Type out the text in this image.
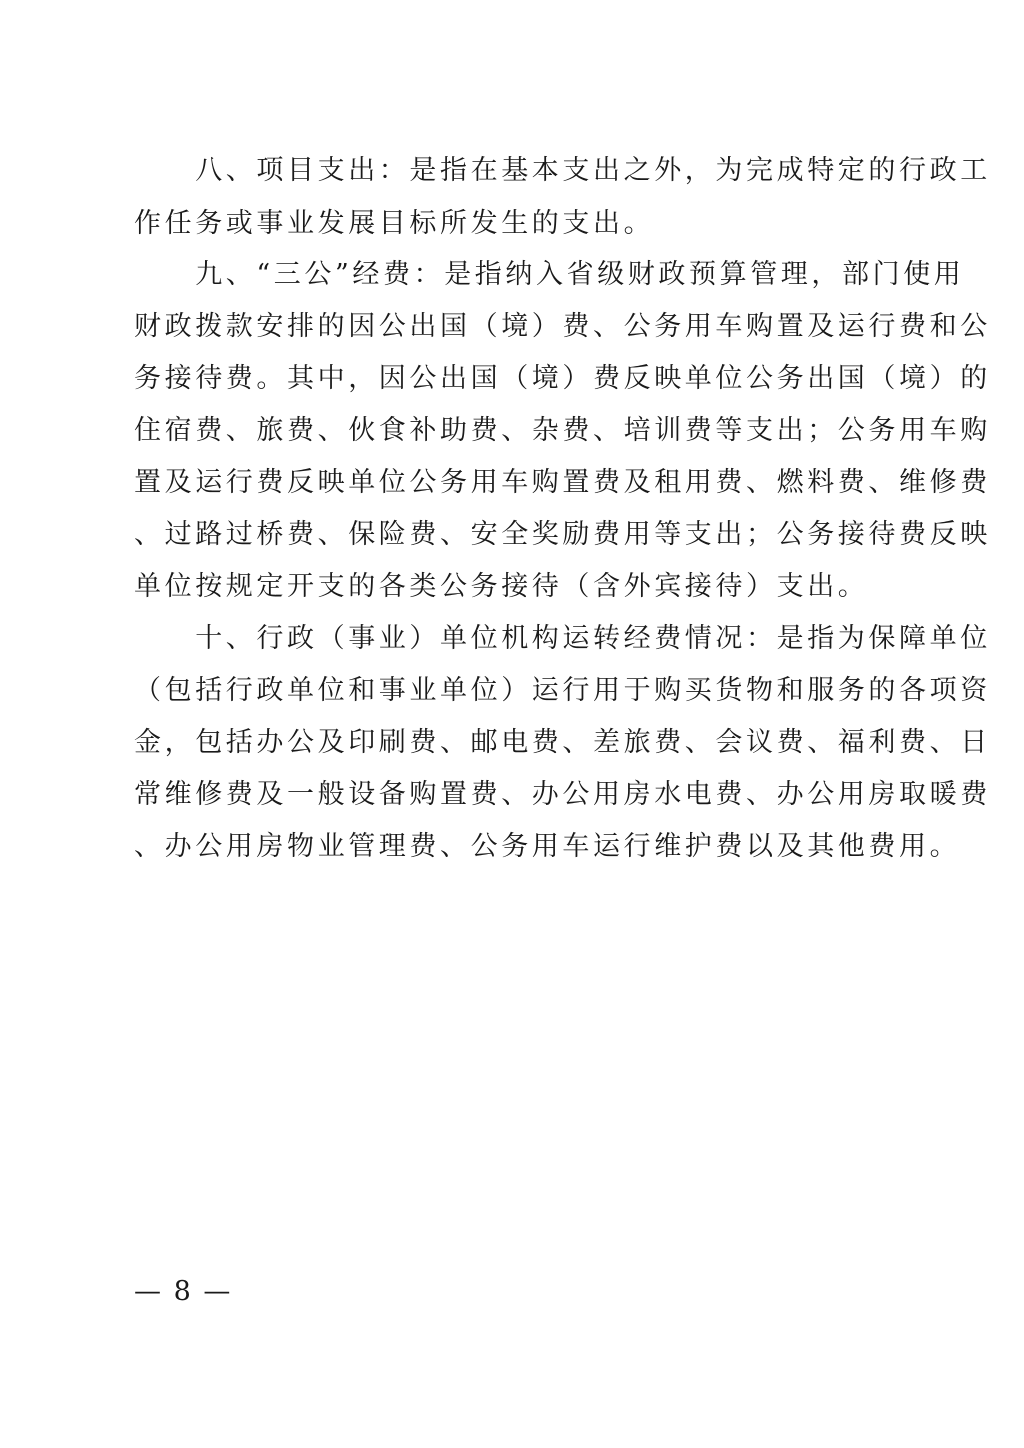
　　八、项目支出：是指在基本支出之外，为完成特定的行政工
作任务或事业发展目标所发生的支出。
　　九、“三公”经费：是指纳入省级财政预算管理，部门使用
财政拨款安排的因公出国（境）费、公务用车购置及运行费和公
务接待费。其中，因公出国（境）费反映单位公务出国（境）的
住宿费、旅费、伙食补助费、杂费、培训费等支出；公务用车购
置及运行费反映单位公务用车购置费及租用费、燃料费、维修费
、过路过桥费、保险费、安全奖励费用等支出；公务接待费反映
单位按规定开支的各类公务接待（含外宾接待）支出。
　　十、行政（事业）单位机构运转经费情况：是指为保障单位
（包括行政单位和事业单位）运行用于购买货物和服务的各项资
金，包括办公及印刷费、邮电费、差旅费、会议费、福利费、日
常维修费及一般设备购置费、办公用房水电费、办公用房取暖费
、办公用房物业管理费、公务用车运行维护费以及其他费用。
— 8 —
